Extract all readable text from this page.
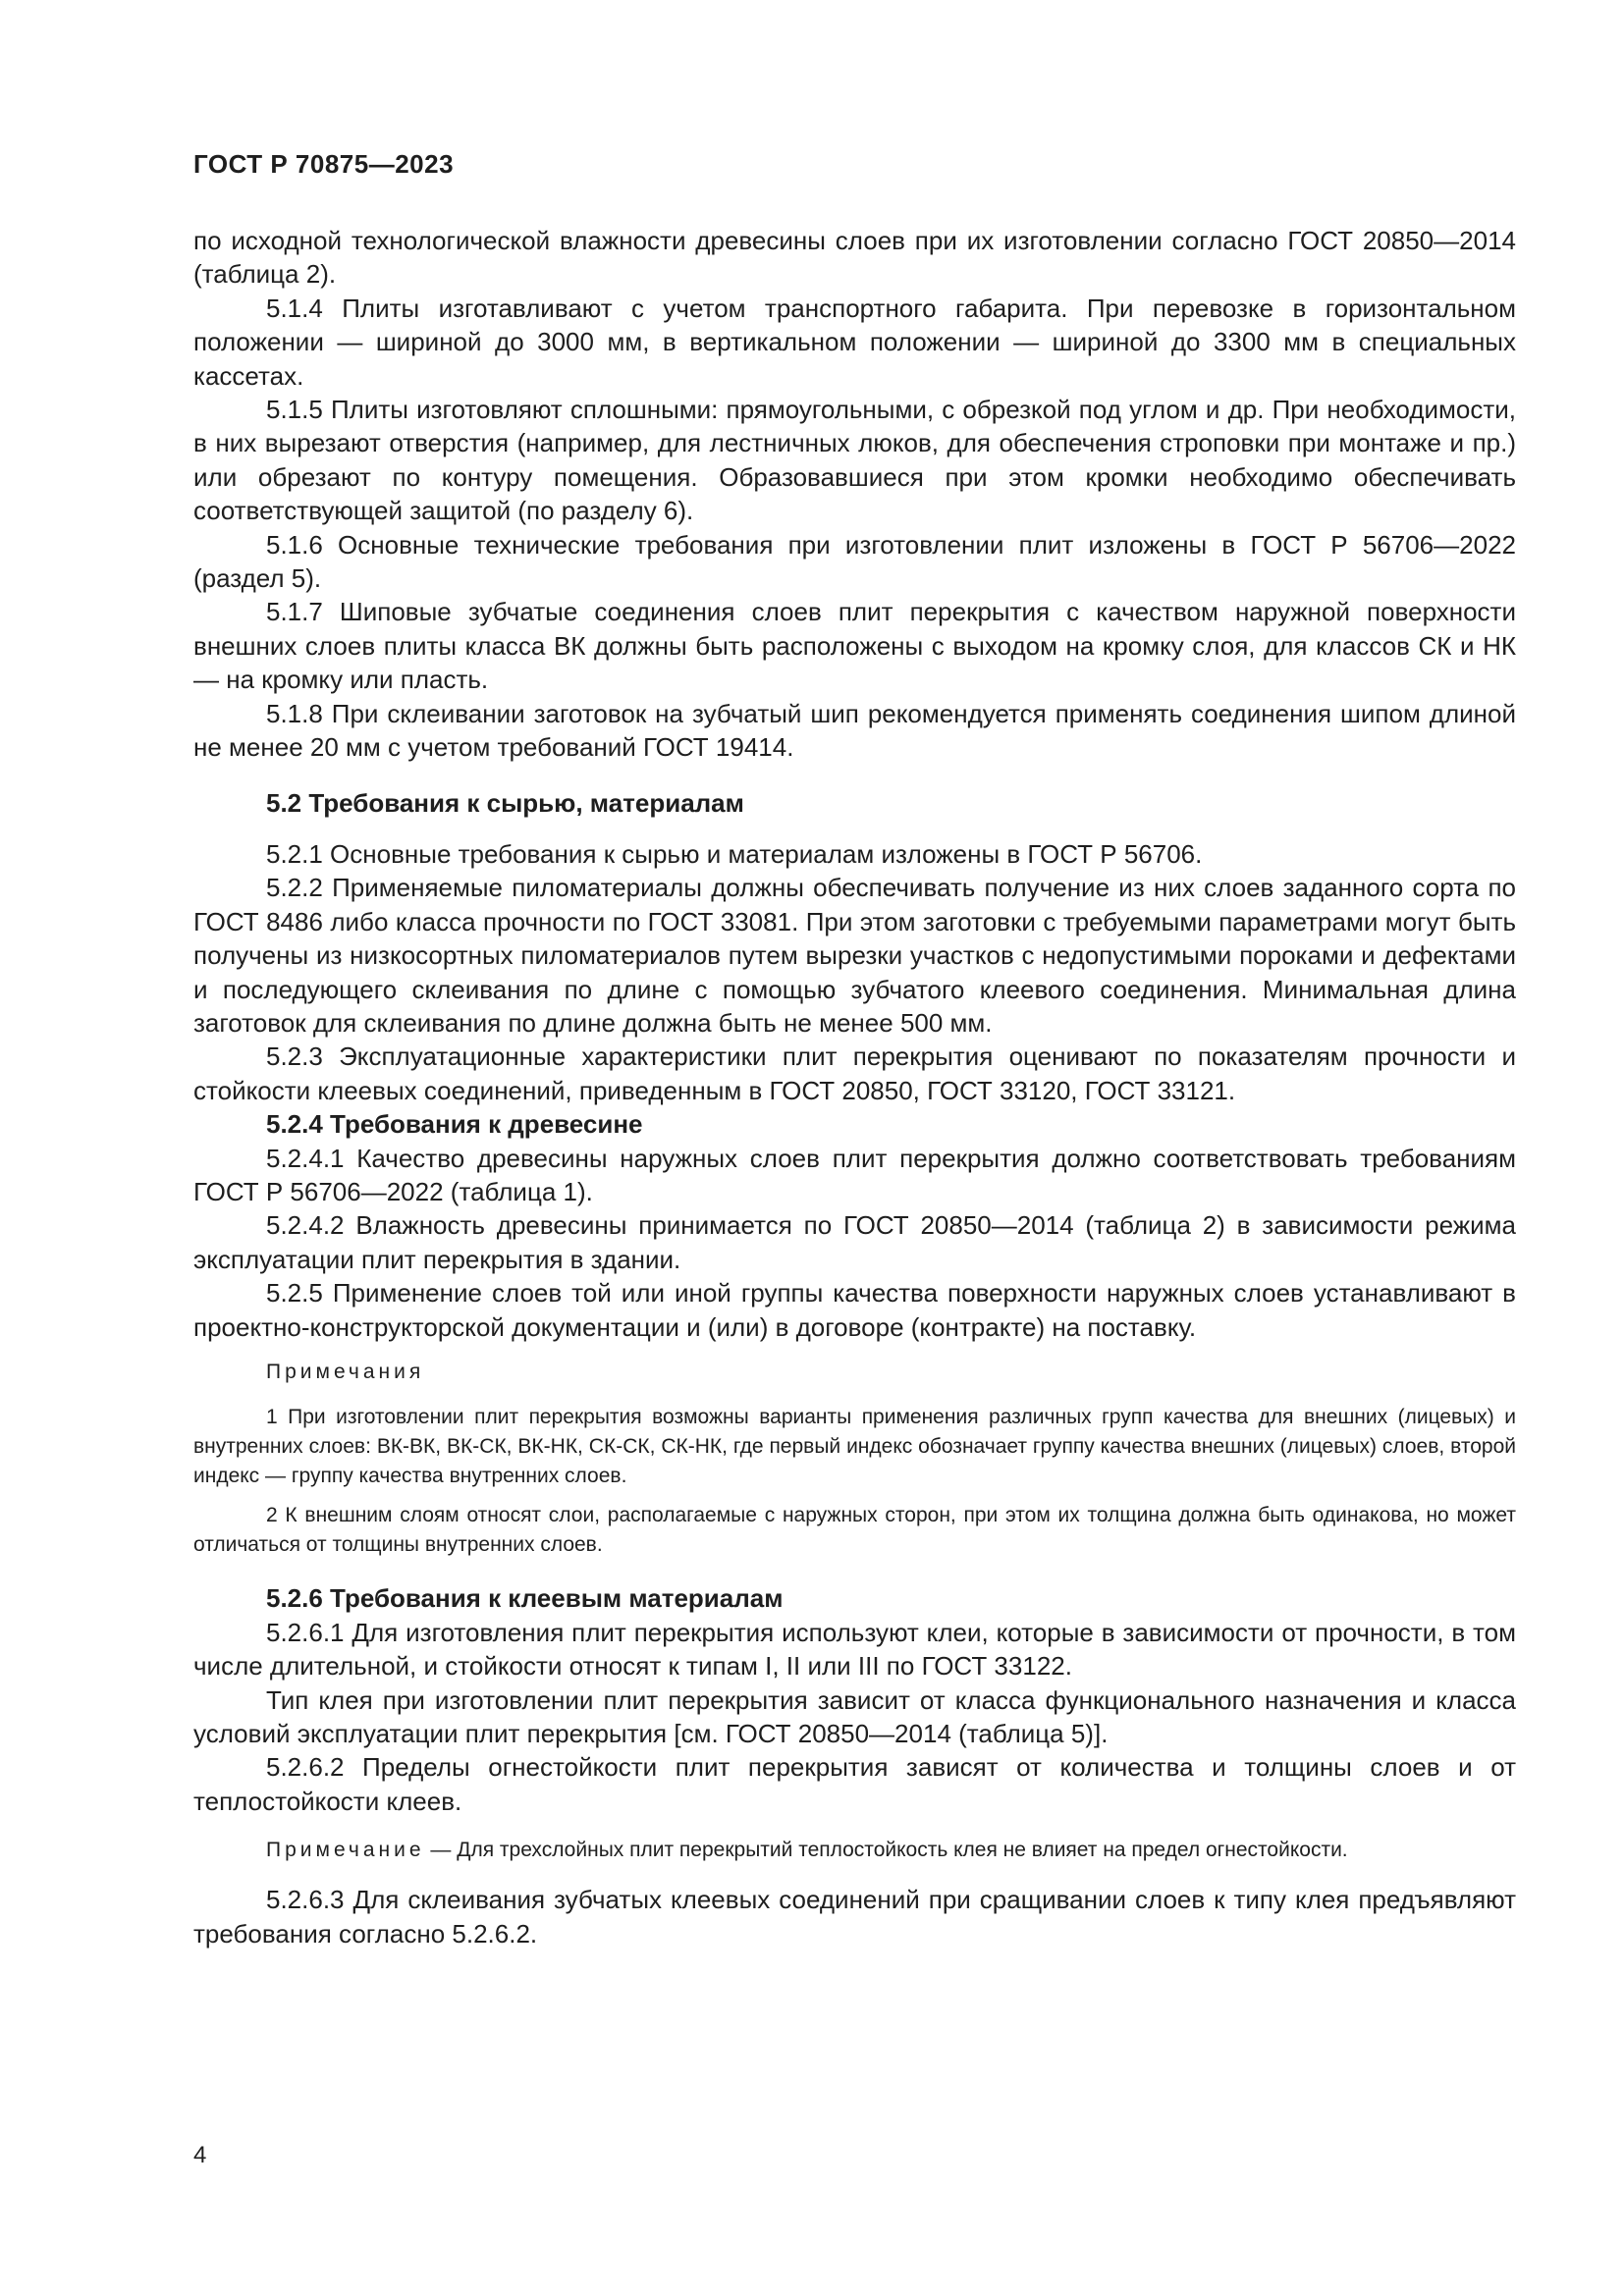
ГОСТ Р 70875—2023

по исходной технологической влажности древесины слоев при их изготовлении согласно ГОСТ 20850—2014 (таблица 2).

5.1.4 Плиты изготавливают с учетом транспортного габарита. При перевозке в горизонтальном положении — шириной до 3000 мм, в вертикальном положении — шириной до 3300 мм в специальных кассетах.

5.1.5 Плиты изготовляют сплошными: прямоугольными, с обрезкой под углом и др. При необходимости, в них вырезают отверстия (например, для лестничных люков, для обеспечения строповки при монтаже и пр.) или обрезают по контуру помещения. Образовавшиеся при этом кромки необходимо обеспечивать соответствующей защитой (по разделу 6).

5.1.6 Основные технические требования при изготовлении плит изложены в ГОСТ Р 56706—2022 (раздел 5).

5.1.7 Шиповые зубчатые соединения слоев плит перекрытия с качеством наружной поверхности внешних слоев плиты класса ВК должны быть расположены с выходом на кромку слоя, для классов СК и НК — на кромку или пласть.

5.1.8 При склеивании заготовок на зубчатый шип рекомендуется применять соединения шипом длиной не менее 20 мм с учетом требований ГОСТ 19414.

5.2 Требования к сырью, материалам

5.2.1 Основные требования к сырью и материалам изложены в ГОСТ Р 56706.

5.2.2 Применяемые пиломатериалы должны обеспечивать получение из них слоев заданного сорта по ГОСТ 8486 либо класса прочности по ГОСТ 33081. При этом заготовки с требуемыми параметрами могут быть получены из низкосортных пиломатериалов путем вырезки участков с недопустимыми пороками и дефектами и последующего склеивания по длине с помощью зубчатого клеевого соединения. Минимальная длина заготовок для склеивания по длине должна быть не менее 500 мм.

5.2.3 Эксплуатационные характеристики плит перекрытия оценивают по показателям прочности и стойкости клеевых соединений, приведенным в ГОСТ 20850, ГОСТ 33120, ГОСТ 33121.

5.2.4 Требования к древесине

5.2.4.1 Качество древесины наружных слоев плит перекрытия должно соответствовать требованиям ГОСТ Р 56706—2022 (таблица 1).

5.2.4.2 Влажность древесины принимается по ГОСТ 20850—2014 (таблица 2) в зависимости режима эксплуатации плит перекрытия в здании.

5.2.5 Применение слоев той или иной группы качества поверхности наружных слоев устанавливают в проектно-конструкторской документации и (или) в договоре (контракте) на поставку.

Примечания

1 При изготовлении плит перекрытия возможны варианты применения различных групп качества для внешних (лицевых) и внутренних слоев: ВК-ВК, ВК-СК, ВК-НК, СК-СК, СК-НК, где первый индекс обозначает группу качества внешних (лицевых) слоев, второй индекс — группу качества внутренних слоев.

2 К внешним слоям относят слои, располагаемые с наружных сторон, при этом их толщина должна быть одинакова, но может отличаться от толщины внутренних слоев.

5.2.6 Требования к клеевым материалам

5.2.6.1 Для изготовления плит перекрытия используют клеи, которые в зависимости от прочности, в том числе длительной, и стойкости относят к типам I, II или III по ГОСТ 33122.

Тип клея при изготовлении плит перекрытия зависит от класса функционального назначения и класса условий эксплуатации плит перекрытия [см. ГОСТ 20850—2014 (таблица 5)].

5.2.6.2 Пределы огнестойкости плит перекрытия зависят от количества и толщины слоев и от теплостойкости клеев.

Примечание — Для трехслойных плит перекрытий теплостойкость клея не влияет на предел огнестойкости.

5.2.6.3 Для склеивания зубчатых клеевых соединений при сращивании слоев к типу клея предъявляют требования согласно 5.2.6.2.

4
